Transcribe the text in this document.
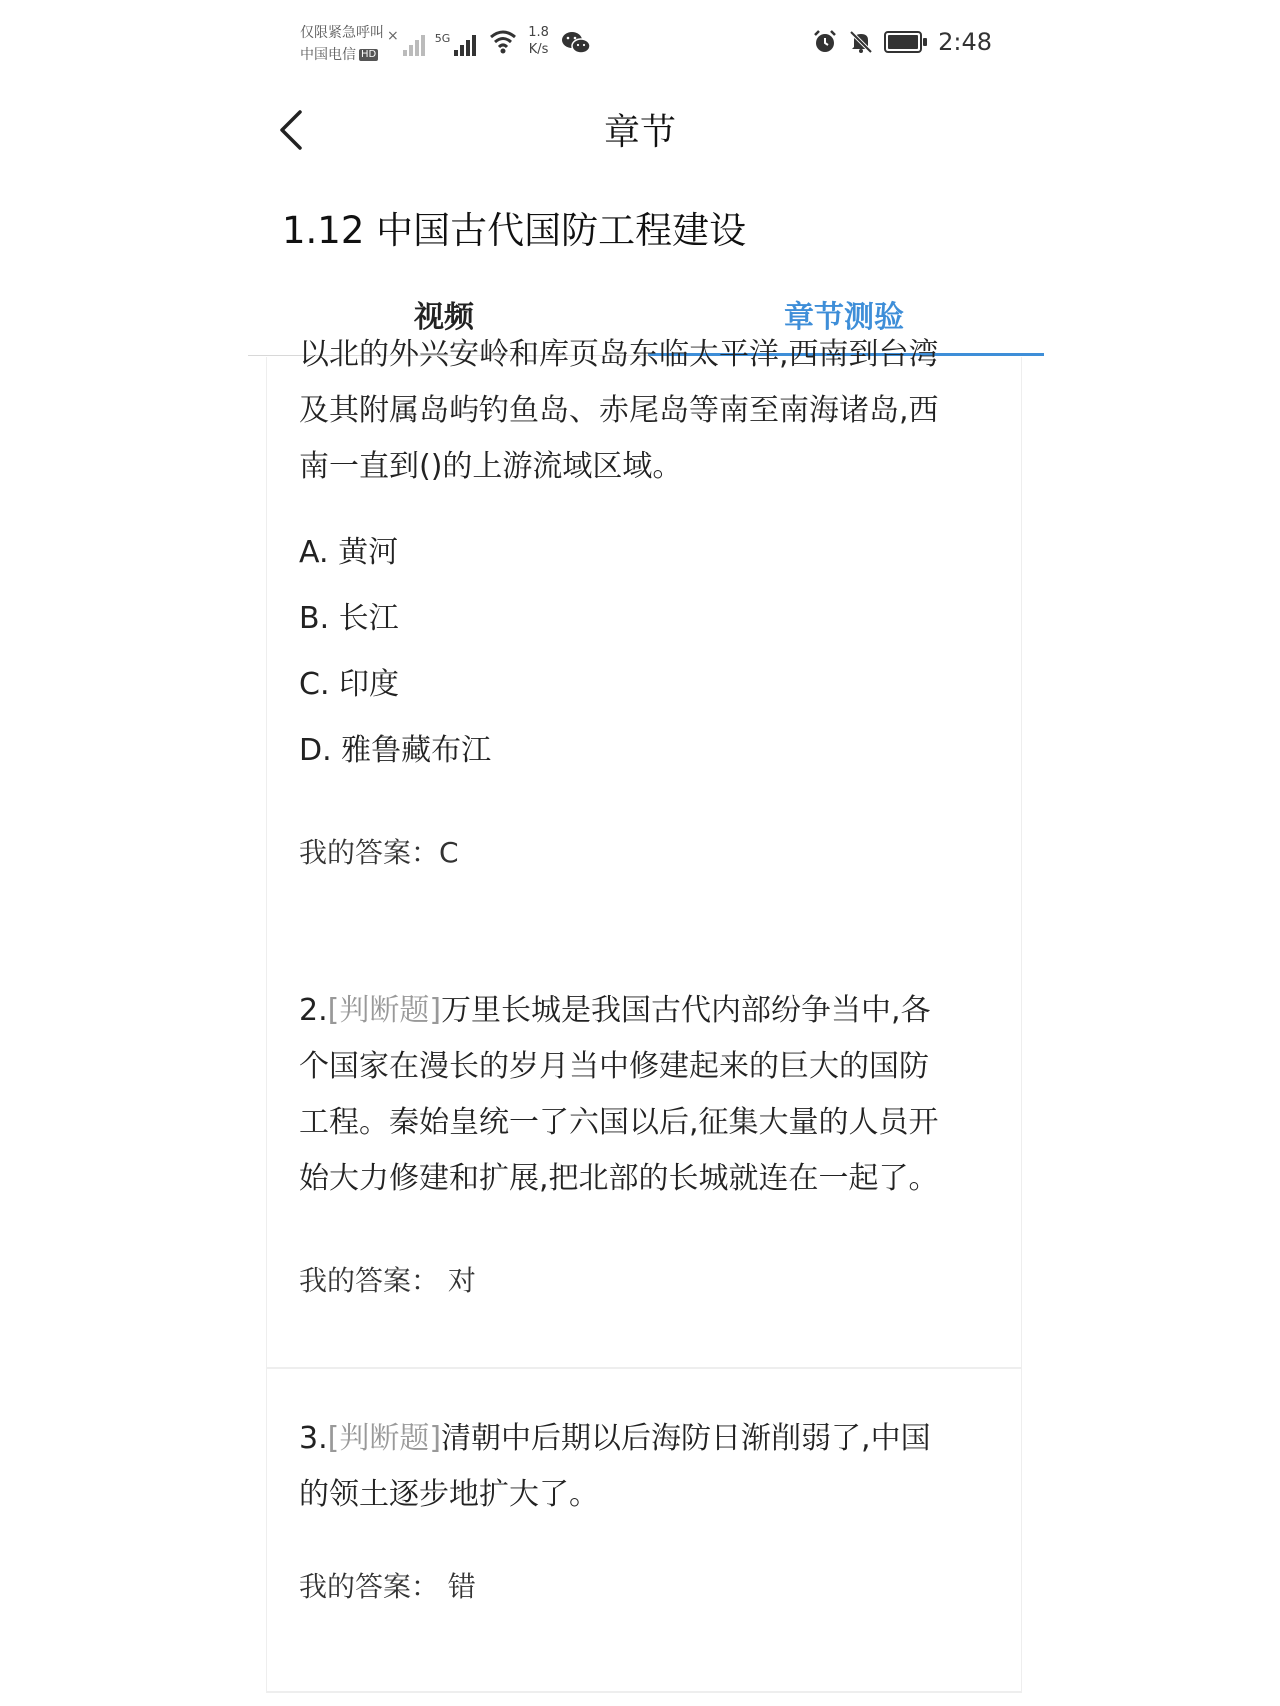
仅限紧急呼叫
中国电信 HD
×	5G	1.8
K/s	2:48
章节
1.12 中国古代国防工程建设
视频	章节测验
以北的外兴安岭和库页岛东临太平洋,西南到台湾
及其附属岛屿钓鱼岛、赤尾岛等南至南海诸岛,西
南一直到()的上游流域区域。
A. 黄河
B. 长江
C. 印度
D. 雅鲁藏布江
我的答案：C
2.[判断题]万里长城是我国古代内部纷争当中,各
个国家在漫长的岁月当中修建起来的巨大的国防
工程。秦始皇统一了六国以后,征集大量的人员开
始大力修建和扩展,把北部的长城就连在一起了。
我的答案： 对
3.[判断题]清朝中后期以后海防日渐削弱了,中国
的领土逐步地扩大了。
我的答案： 错
